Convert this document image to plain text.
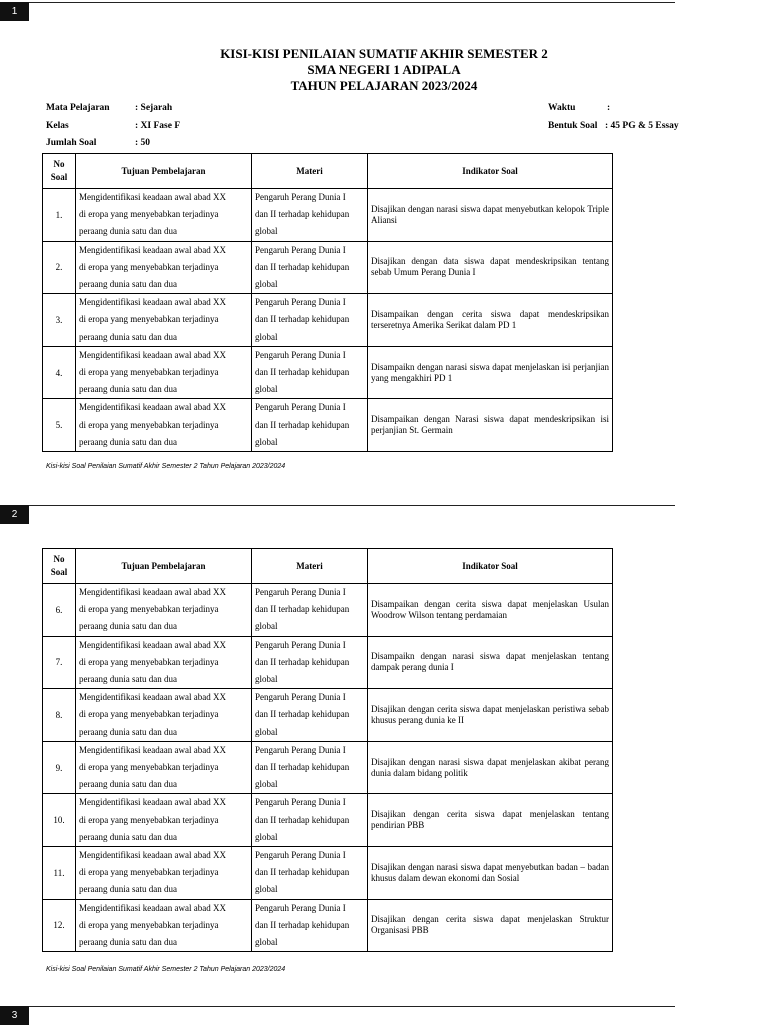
1
KISI-KISI PENILAIAN SUMATIF AKHIR SEMESTER 2
SMA NEGERI 1 ADIPALA
TAHUN PELAJARAN 2023/2024
Mata Pelajaran	: Sejarah
Kelas	: XI Fase F
Jumlah Soal	: 50
Waktu	:
Bentuk Soal : 45 PG & 5 Essay
No
Soal	Tujuan Pembelajaran	Materi	Indikator Soal
1.	Mengidentifikasi keadaan awal abad XX
di eropa yang menyebabkan terjadinya
peraang dunia satu dan dua	Pengaruh Perang Dunia I
dan II terhadap kehidupan
global	Disajikan dengan narasi siswa dapat menyebutkan kelopok Triple Aliansi
2.	Mengidentifikasi keadaan awal abad XX
di eropa yang menyebabkan terjadinya
peraang dunia satu dan dua	Pengaruh Perang Dunia I
dan II terhadap kehidupan
global	Disajikan dengan data siswa dapat mendeskripsikan tentang sebab Umum Perang Dunia I
3.	Mengidentifikasi keadaan awal abad XX
di eropa yang menyebabkan terjadinya
peraang dunia satu dan dua	Pengaruh Perang Dunia I
dan II terhadap kehidupan
global	Disampaikan dengan cerita siswa dapat mendeskripsikan terseretnya Amerika Serikat dalam PD 1
4.	Mengidentifikasi keadaan awal abad XX
di eropa yang menyebabkan terjadinya
peraang dunia satu dan dua	Pengaruh Perang Dunia I
dan II terhadap kehidupan
global	Disampaikn dengan narasi siswa dapat menjelaskan isi perjanjian yang mengakhiri PD 1
5.	Mengidentifikasi keadaan awal abad XX
di eropa yang menyebabkan terjadinya
peraang dunia satu dan dua	Pengaruh Perang Dunia I
dan II terhadap kehidupan
global	Disampaikan dengan Narasi siswa dapat mendeskripsikan isi perjanjian St. Germain
Kisi-kisi Soal Penilaian Sumatif Akhir Semester 2 Tahun Pelajaran 2023/2024
2
No
Soal	Tujuan Pembelajaran	Materi	Indikator Soal
6.	Mengidentifikasi keadaan awal abad XX
di eropa yang menyebabkan terjadinya
peraang dunia satu dan dua	Pengaruh Perang Dunia I
dan II terhadap kehidupan
global	Disampaikan dengan cerita siswa dapat menjelaskan Usulan Woodrow Wilson tentang perdamaian
7.	Mengidentifikasi keadaan awal abad XX
di eropa yang menyebabkan terjadinya
peraang dunia satu dan dua	Pengaruh Perang Dunia I
dan II terhadap kehidupan
global	Disampaikn dengan narasi siswa dapat menjelaskan tentang dampak perang dunia I
8.	Mengidentifikasi keadaan awal abad XX
di eropa yang menyebabkan terjadinya
peraang dunia satu dan dua	Pengaruh Perang Dunia I
dan II terhadap kehidupan
global	Disajikan dengan cerita siswa dapat menjelaskan peristiwa sebab khusus perang dunia ke II
9.	Mengidentifikasi keadaan awal abad XX
di eropa yang menyebabkan terjadinya
peraang dunia satu dan dua	Pengaruh Perang Dunia I
dan II terhadap kehidupan
global	Disajikan dengan narasi siswa dapat menjelaskan akibat perang dunia dalam bidang politik
10.	Mengidentifikasi keadaan awal abad XX
di eropa yang menyebabkan terjadinya
peraang dunia satu dan dua	Pengaruh Perang Dunia I
dan II terhadap kehidupan
global	Disajikan dengan cerita siswa dapat menjelaskan tentang pendirian PBB
11.	Mengidentifikasi keadaan awal abad XX
di eropa yang menyebabkan terjadinya
peraang dunia satu dan dua	Pengaruh Perang Dunia I
dan II terhadap kehidupan
global	Disajikan dengan narasi siswa dapat menyebutkan badan – badan khusus dalam dewan ekonomi dan Sosial
12.	Mengidentifikasi keadaan awal abad XX
di eropa yang menyebabkan terjadinya
peraang dunia satu dan dua	Pengaruh Perang Dunia I
dan II terhadap kehidupan
global	Disajikan dengan cerita siswa dapat menjelaskan Struktur Organisasi PBB
Kisi-kisi Soal Penilaian Sumatif Akhir Semester 2 Tahun Pelajaran 2023/2024
3
